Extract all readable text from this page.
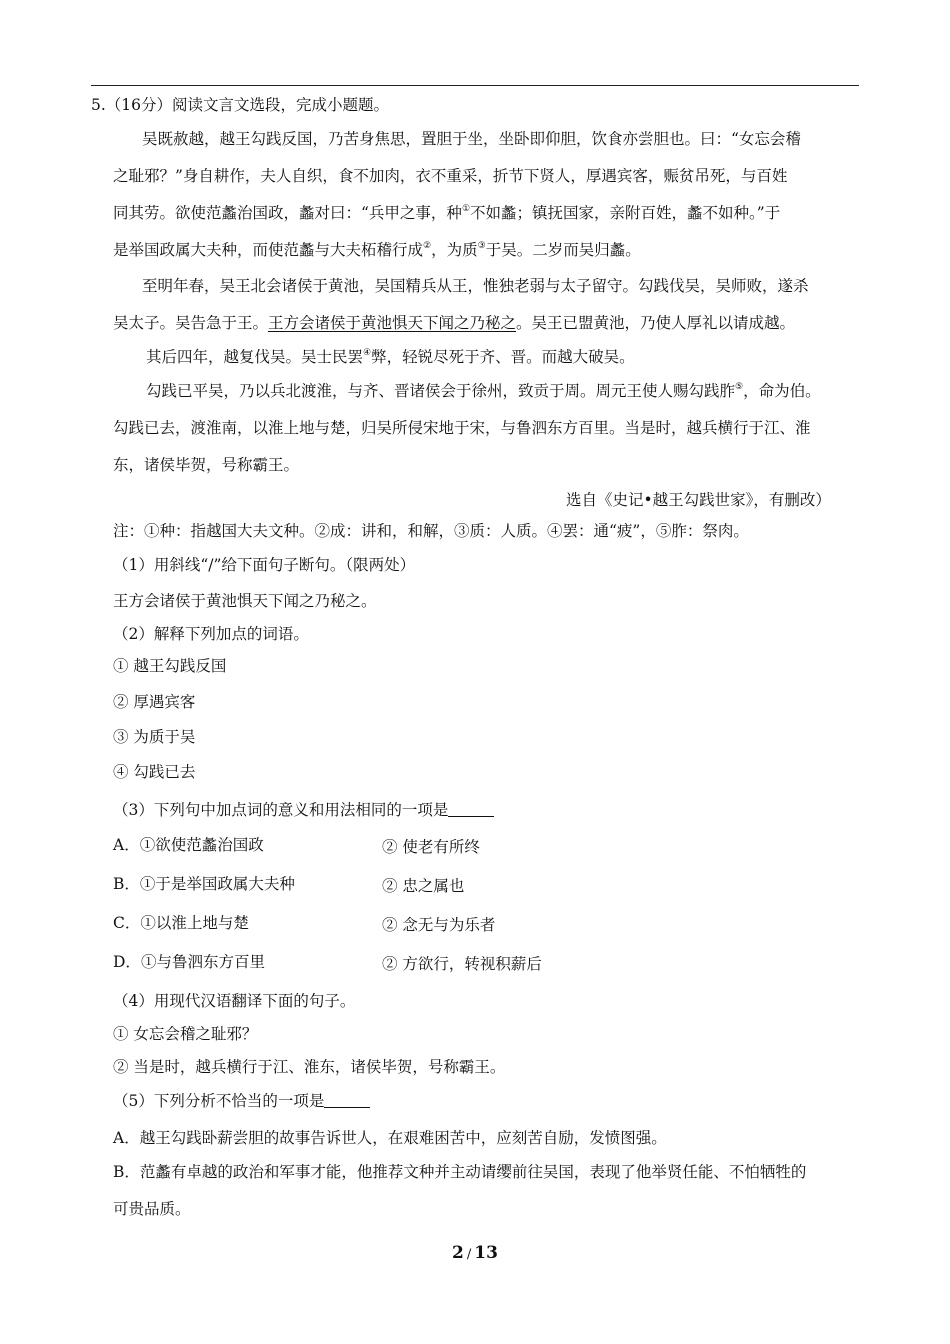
5.（16分）阅读文言文选段，完成小题题。
吴既赦越，越王勾践反国，乃苦身焦思，置胆于坐，坐卧即仰胆，饮食亦尝胆也。曰：“女忘会稽
之耻邪？”身自耕作，夫人自织，食不加肉，衣不重采，折节下贤人，厚遇宾客，赈贫吊死，与百姓
同其劳。欲使范蠡治国政，蠡对曰：“兵甲之事，种①不如蠡；镇抚国家，亲附百姓，蠡不如种。”于
是举国政属大夫种，而使范蠡与大夫柘稽行成②，为质③于吴。二岁而吴归蠡。
至明年春，吴王北会诸侯于黄池，吴国精兵从王，惟独老弱与太子留守。勾践伐吴，吴师败，遂杀
吴太子。吴告急于王。王方会诸侯于黄池惧天下闻之乃秘之。吴王已盟黄池，乃使人厚礼以请成越。
其后四年，越复伐吴。吴士民罢④弊，轻锐尽死于齐、晋。而越大破吴。
勾践已平吴，乃以兵北渡淮，与齐、晋诸侯会于徐州，致贡于周。周元王使人赐勾践胙⑤，命为伯。
勾践已去，渡淮南，以淮上地与楚，归吴所侵宋地于宋，与鲁泗东方百里。当是时，越兵横行于江、淮
东，诸侯毕贺，号称霸王。
选自《史记•越王勾践世家》，有删改）
注：①种：指越国大夫文种。②成：讲和，和解，③质：人质。④罢：通“疲”，⑤胙：祭肉。
（1）用斜线“/”给下面句子断句。（限两处）
王方会诸侯于黄池惧天下闻之乃秘之。
（2）解释下列加点的词语。
① 越王勾践反国
② 厚遇宾客
③ 为质于吴
④ 勾践已去
（3）下列句中加点词的意义和用法相同的一项是
A．①欲使范蠡治国政	② 使老有所终
B．①于是举国政属大夫种	② 忠之属也
C．①以淮上地与楚	② 念无与为乐者
D．①与鲁泗东方百里	② 方欲行，转视积薪后
（4）用现代汉语翻译下面的句子。
① 女忘会稽之耻邪？
② 当是时，越兵横行于江、淮东，诸侯毕贺，号称霸王。
（5）下列分析不恰当的一项是
A．越王勾践卧薪尝胆的故事告诉世人，在艰难困苦中，应刻苦自励，发愤图强。
B．范蠡有卓越的政治和军事才能，他推荐文种并主动请缨前往吴国，表现了他举贤任能、不怕牺牲的
可贵品质。
2 / 13
